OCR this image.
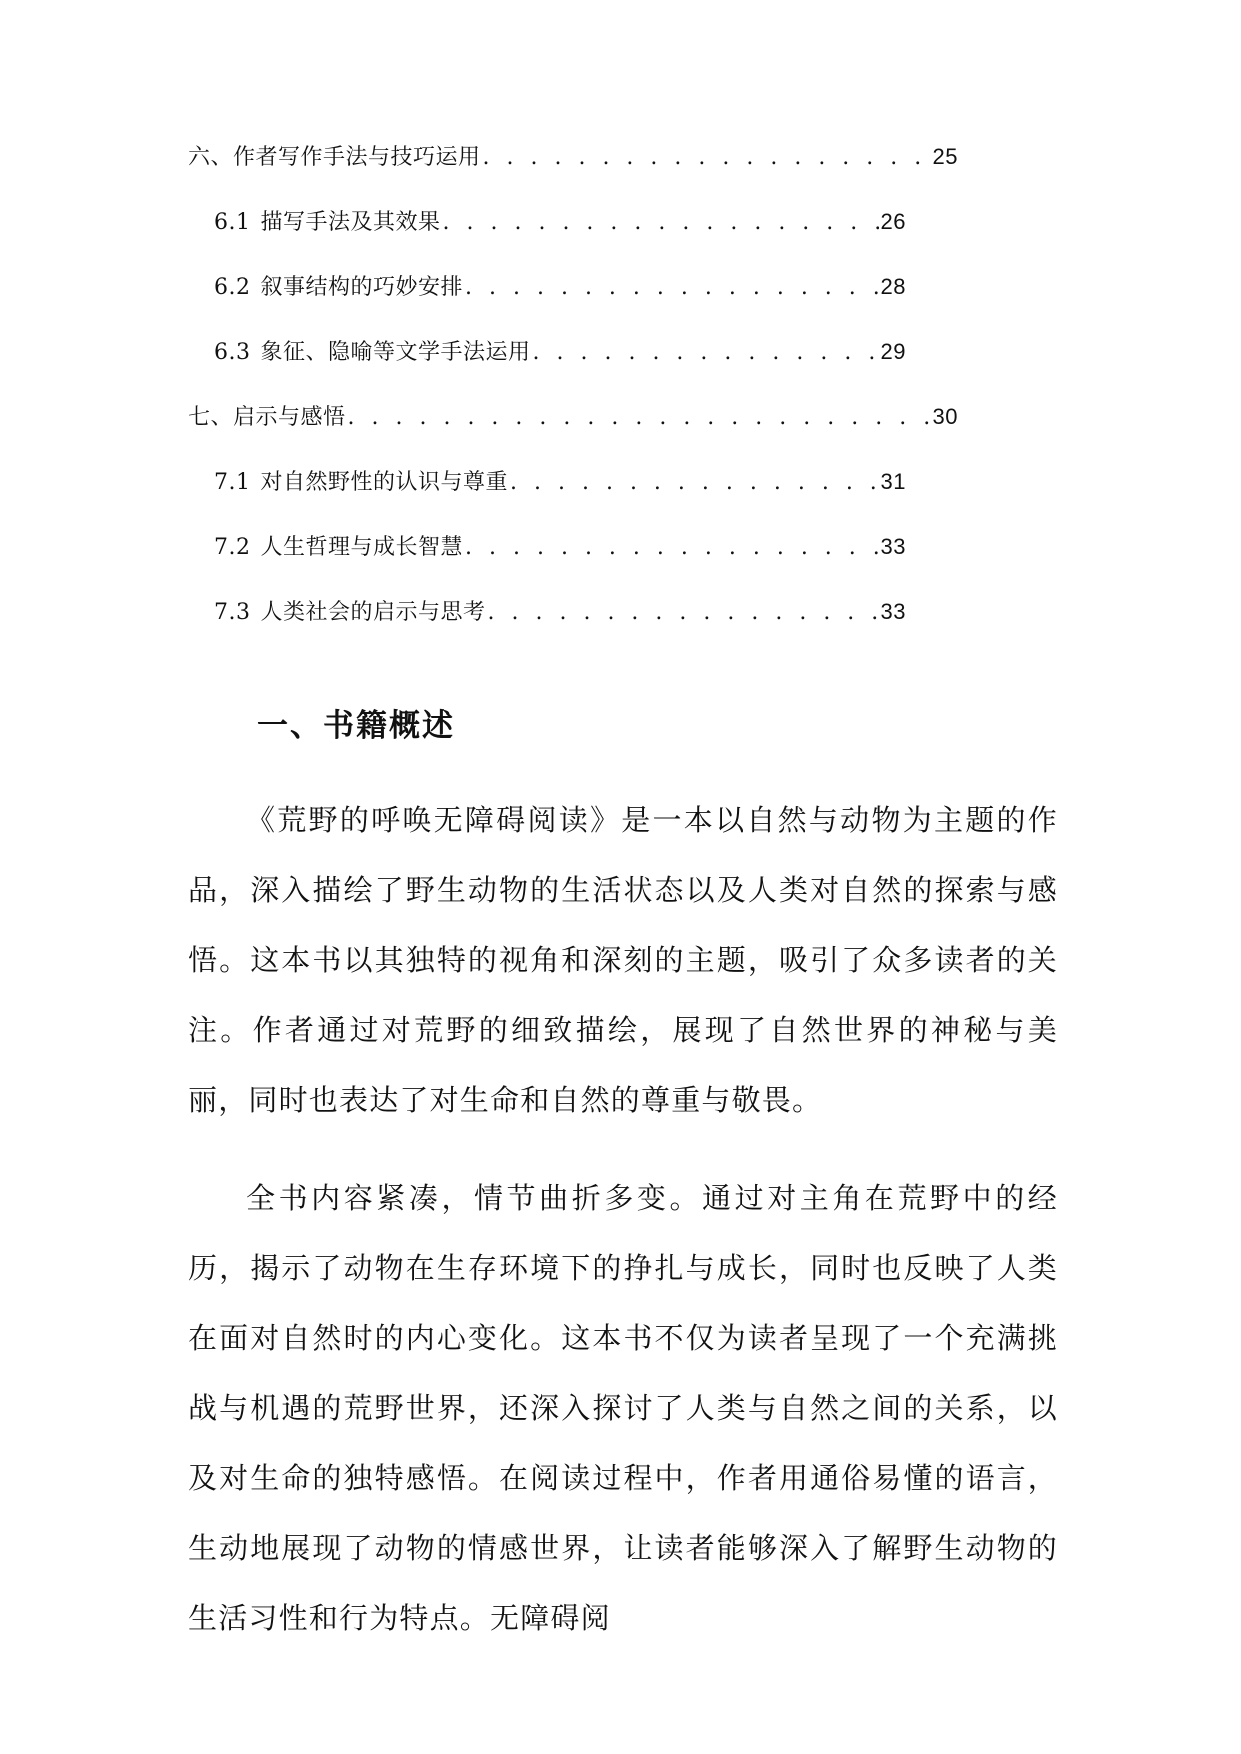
六、作者写作手法与技巧运用 . . .	25
6.1 描写手法及其效果 . . .	26
6.2 叙事结构的巧妙安排 . . .	28
6.3 象征、隐喻等文学手法运用 . . .	29
七、启示与感悟 . . .	30
7.1 对自然野性的认识与尊重 . . .	31
7.2 人生哲理与成长智慧 . . .	33
7.3 人类社会的启示与思考 . . .	33
一、书籍概述

《荒野的呼唤无障碍阅读》是一本以自然与动物为主题的作品，深入描绘了野生动物的生活状态以及人类对自然的探索与感悟。这本书以其独特的视角和深刻的主题，吸引了众多读者的关注。作者通过对荒野的细致描绘，展现了自然世界的神秘与美丽，同时也表达了对生命和自然的尊重与敬畏。

全书内容紧凑，情节曲折多变。通过对主角在荒野中的经历，揭示了动物在生存环境下的挣扎与成长，同时也反映了人类在面对自然时的内心变化。这本书不仅为读者呈现了一个充满挑战与机遇的荒野世界，还深入探讨了人类与自然之间的关系，以及对生命的独特感悟。在阅读过程中，作者用通俗易懂的语言，生动地展现了动物的情感世界，让读者能够深入了解野生动物的生活习性和行为特点。无障碍阅
